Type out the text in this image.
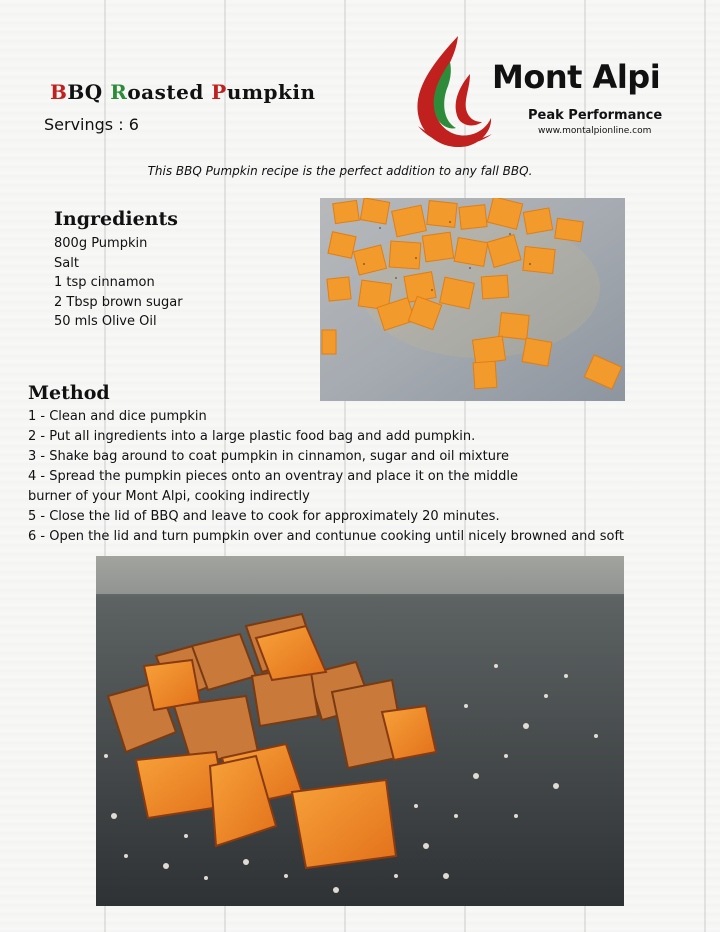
BBQ Roasted Pumpkin
Servings : 6
Mont Alpi
Peak Performance
www.montalpionline.com
This BBQ Pumpkin recipe is the perfect addition to any fall BBQ.
Ingredients
800g Pumpkin
Salt
1 tsp cinnamon
2 Tbsp brown sugar
50 mls Olive Oil
Method
1 - Clean and dice pumpkin
2 - Put all ingredients into a large plastic food bag and add pumpkin.
3 - Shake bag around to coat pumpkin in cinnamon, sugar and oil mixture
4 - Spread the pumpkin pieces onto an oventray and place it on the middle
burner of your Mont Alpi, cooking indirectly
5 - Close the lid of BBQ and leave to cook for approximately 20 minutes.
6 - Open the lid and turn pumpkin over and contunue cooking until nicely browned and soft
